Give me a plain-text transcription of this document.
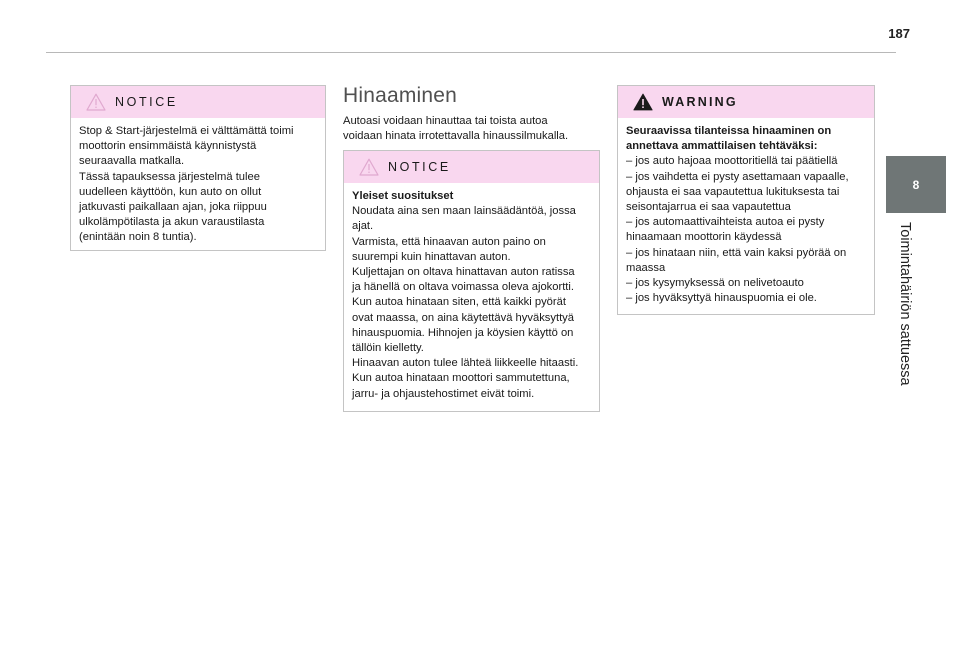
187
8
Toimintahäiriön sattuessa
NOTICE

Stop & Start-järjestelmä ei välttämättä toimi

moottorin ensimmäistä käynnistystä

seuraavalla matkalla.

Tässä tapauksessa järjestelmä tulee

uudelleen käyttöön, kun auto on ollut

jatkuvasti paikallaan ajan, joka riippuu

ulkolämpötilasta ja akun varaustilasta

(enintään noin 8 tuntia).

Hinaaminen

Autoasi voidaan hinauttaa tai toista autoa

voidaan hinata irrotettavalla hinaussilmukalla.

NOTICE

Yleiset suositukset

Noudata aina sen maan lainsäädäntöä, jossa

ajat.

Varmista, että hinaavan auton paino on

suurempi kuin hinattavan auton.

Kuljettajan on oltava hinattavan auton ratissa

ja hänellä on oltava voimassa oleva ajokortti.

Kun autoa hinataan siten, että kaikki pyörät

ovat maassa, on aina käytettävä hyväksyttyä

hinauspuomia. Hihnojen ja köysien käyttö on

tällöin kielletty.

Hinaavan auton tulee lähteä liikkeelle hitaasti.

Kun autoa hinataan moottori sammutettuna,

jarru- ja ohjaustehostimet eivät toimi.

WARNING

Seuraavissa tilanteissa hinaaminen on

annettava ammattilaisen tehtäväksi:

– jos auto hajoaa moottoritiellä tai päätiellä

– jos vaihdetta ei pysty asettamaan vapaalle,

ohjausta ei saa vapautettua lukituksesta tai

seisontajarrua ei saa vapautettua

– jos automaattivaihteista autoa ei pysty

hinaamaan moottorin käydessä

– jos hinataan niin, että vain kaksi pyörää on

maassa

– jos kysymyksessä on nelivetoauto

– jos hyväksyttyä hinauspuomia ei ole.
